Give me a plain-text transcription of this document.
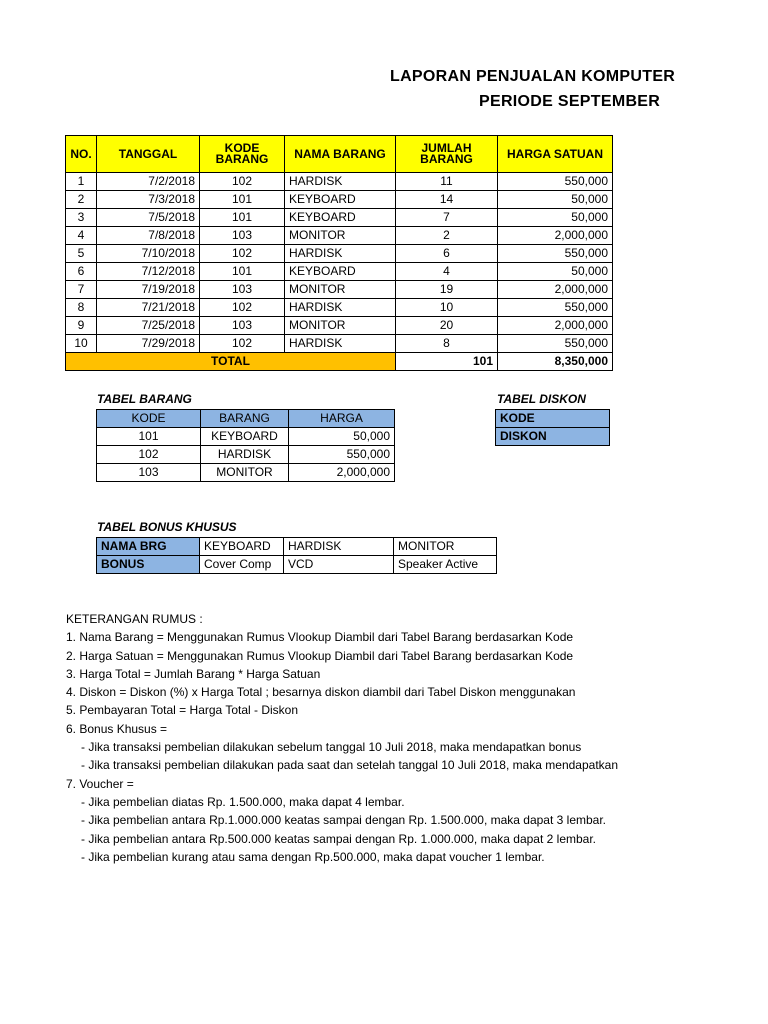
LAPORAN PENJUALAN KOMPUTER
PERIODE SEPTEMBER
NO.	TANGGAL	KODE BARANG	NAMA BARANG	JUMLAH BARANG	HARGA SATUAN
1	7/2/2018	102	HARDISK	11	550,000
2	7/3/2018	101	KEYBOARD	14	50,000
3	7/5/2018	101	KEYBOARD	7	50,000
4	7/8/2018	103	MONITOR	2	2,000,000
5	7/10/2018	102	HARDISK	6	550,000
6	7/12/2018	101	KEYBOARD	4	50,000
7	7/19/2018	103	MONITOR	19	2,000,000
8	7/21/2018	102	HARDISK	10	550,000
9	7/25/2018	103	MONITOR	20	2,000,000
10	7/29/2018	102	HARDISK	8	550,000
TOTAL				101	8,350,000
TABEL BARANG
KODE	BARANG	HARGA
101	KEYBOARD	50,000
102	HARDISK	550,000
103	MONITOR	2,000,000
TABEL DISKON
KODE
DISKON
TABEL BONUS KHUSUS
NAMA BRG	KEYBOARD	HARDISK	MONITOR
BONUS	Cover Comp	VCD	Speaker Active
KETERANGAN RUMUS :
1. Nama Barang = Menggunakan Rumus Vlookup Diambil dari Tabel Barang berdasarkan Kode
2. Harga Satuan = Menggunakan Rumus Vlookup Diambil dari Tabel Barang berdasarkan Kode
3. Harga Total = Jumlah Barang * Harga Satuan
4. Diskon = Diskon (%) x Harga Total ; besarnya diskon diambil dari Tabel Diskon menggunakan
5. Pembayaran Total = Harga Total - Diskon
6. Bonus Khusus =
- Jika transaksi pembelian dilakukan sebelum tanggal 10 Juli 2018, maka mendapatkan bonus
- Jika transaksi pembelian dilakukan pada saat dan setelah tanggal 10 Juli 2018, maka mendapatkan
7. Voucher =
- Jika pembelian diatas Rp. 1.500.000, maka dapat 4 lembar.
- Jika pembelian antara Rp.1.000.000 keatas sampai dengan Rp. 1.500.000, maka dapat 3 lembar.
- Jika pembelian antara Rp.500.000 keatas sampai dengan Rp. 1.000.000, maka dapat 2 lembar.
- Jika pembelian kurang atau sama dengan Rp.500.000, maka dapat voucher 1 lembar.
